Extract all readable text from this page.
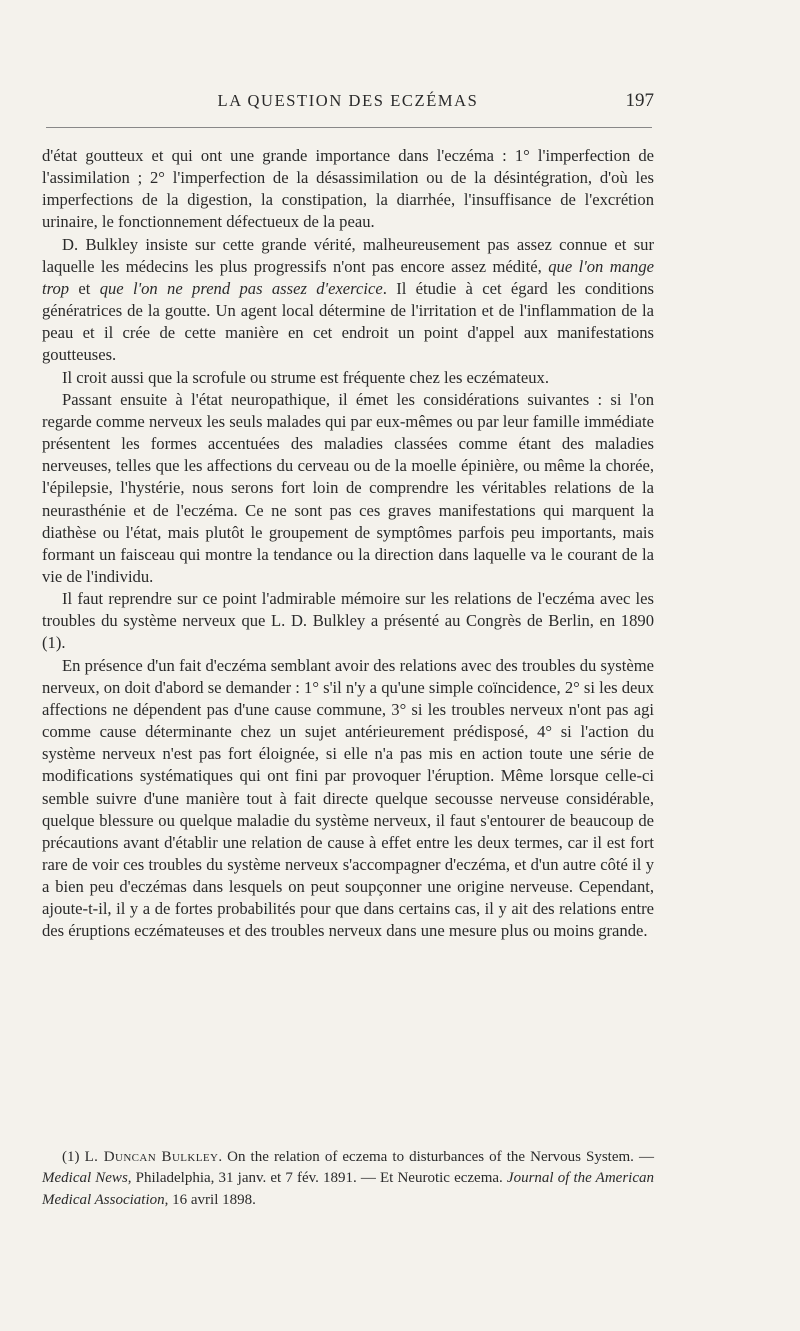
LA QUESTION DES ECZÉMAS	197

d'état goutteux et qui ont une grande importance dans l'eczéma : 1° l'imperfection de l'assimilation ; 2° l'imperfection de la désassimilation ou de la désintégration, d'où les imperfections de la digestion, la constipation, la diarrhée, l'insuffisance de l'excrétion urinaire, le fonctionnement défectueux de la peau.

D. Bulkley insiste sur cette grande vérité, malheureusement pas assez connue et sur laquelle les médecins les plus progressifs n'ont pas encore assez médité, que l'on mange trop et que l'on ne prend pas assez d'exercice. Il étudie à cet égard les conditions génératrices de la goutte. Un agent local détermine de l'irritation et de l'inflammation de la peau et il crée de cette manière en cet endroit un point d'appel aux manifestations goutteuses.

Il croit aussi que la scrofule ou strume est fréquente chez les eczémateux.

Passant ensuite à l'état neuropathique, il émet les considérations suivantes : si l'on regarde comme nerveux les seuls malades qui par eux-mêmes ou par leur famille immédiate présentent les formes accentuées des maladies classées comme étant des maladies nerveuses, telles que les affections du cerveau ou de la moelle épinière, ou même la chorée, l'épilepsie, l'hystérie, nous serons fort loin de comprendre les véritables relations de la neurasthénie et de l'eczéma. Ce ne sont pas ces graves manifestations qui marquent la diathèse ou l'état, mais plutôt le groupement de symptômes parfois peu importants, mais formant un faisceau qui montre la tendance ou la direction dans laquelle va le courant de la vie de l'individu.

Il faut reprendre sur ce point l'admirable mémoire sur les relations de l'eczéma avec les troubles du système nerveux que L. D. Bulkley a présenté au Congrès de Berlin, en 1890 (1).

En présence d'un fait d'eczéma semblant avoir des relations avec des troubles du système nerveux, on doit d'abord se demander : 1° s'il n'y a qu'une simple coïncidence, 2° si les deux affections ne dépendent pas d'une cause commune, 3° si les troubles nerveux n'ont pas agi comme cause déterminante chez un sujet antérieurement prédisposé, 4° si l'action du système nerveux n'est pas fort éloignée, si elle n'a pas mis en action toute une série de modifications systématiques qui ont fini par provoquer l'éruption. Même lorsque celle-ci semble suivre d'une manière tout à fait directe quelque secousse nerveuse considérable, quelque blessure ou quelque maladie du système nerveux, il faut s'entourer de beaucoup de précautions avant d'établir une relation de cause à effet entre les deux termes, car il est fort rare de voir ces troubles du système nerveux s'accompagner d'eczéma, et d'un autre côté il y a bien peu d'eczémas dans lesquels on peut soupçonner une origine nerveuse. Cependant, ajoute-t-il, il y a de fortes probabilités pour que dans certains cas, il y ait des relations entre des éruptions eczémateuses et des troubles nerveux dans une mesure plus ou moins grande.

(1) L. Duncan Bulkley. On the relation of eczema to disturbances of the Nervous System. — Medical News, Philadelphia, 31 janv. et 7 fév. 1891. — Et Neurotic eczema. Journal of the American Medical Association, 16 avril 1898.
